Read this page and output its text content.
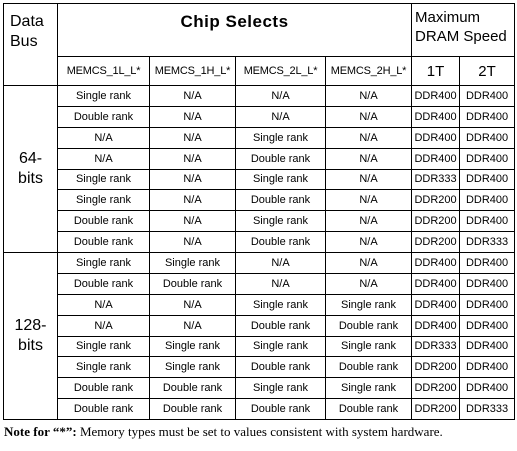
Data Bus	Chip Selects				Maximum DRAM Speed	
	MEMCS_1L_L*	MEMCS_1H_L*	MEMCS_2L_L*	MEMCS_2H_L*	1T	2T
64-bits	Single rank	N/A	N/A	N/A	DDR400	DDR400
	Double rank	N/A	N/A	N/A	DDR400	DDR400
	N/A	N/A	Single rank	N/A	DDR400	DDR400
	N/A	N/A	Double rank	N/A	DDR400	DDR400
	Single rank	N/A	Single rank	N/A	DDR333	DDR400
	Single rank	N/A	Double rank	N/A	DDR200	DDR400
	Double rank	N/A	Single rank	N/A	DDR200	DDR400
	Double rank	N/A	Double rank	N/A	DDR200	DDR333
128-bits	Single rank	Single rank	N/A	N/A	DDR400	DDR400
	Double rank	Double rank	N/A	N/A	DDR400	DDR400
	N/A	N/A	Single rank	Single rank	DDR400	DDR400
	N/A	N/A	Double rank	Double rank	DDR400	DDR400
	Single rank	Single rank	Single rank	Single rank	DDR333	DDR400
	Single rank	Single rank	Double rank	Double rank	DDR200	DDR400
	Double rank	Double rank	Single rank	Single rank	DDR200	DDR400
	Double rank	Double rank	Double rank	Double rank	DDR200	DDR333
Note for “*”: Memory types must be set to values consistent with system hardware.
